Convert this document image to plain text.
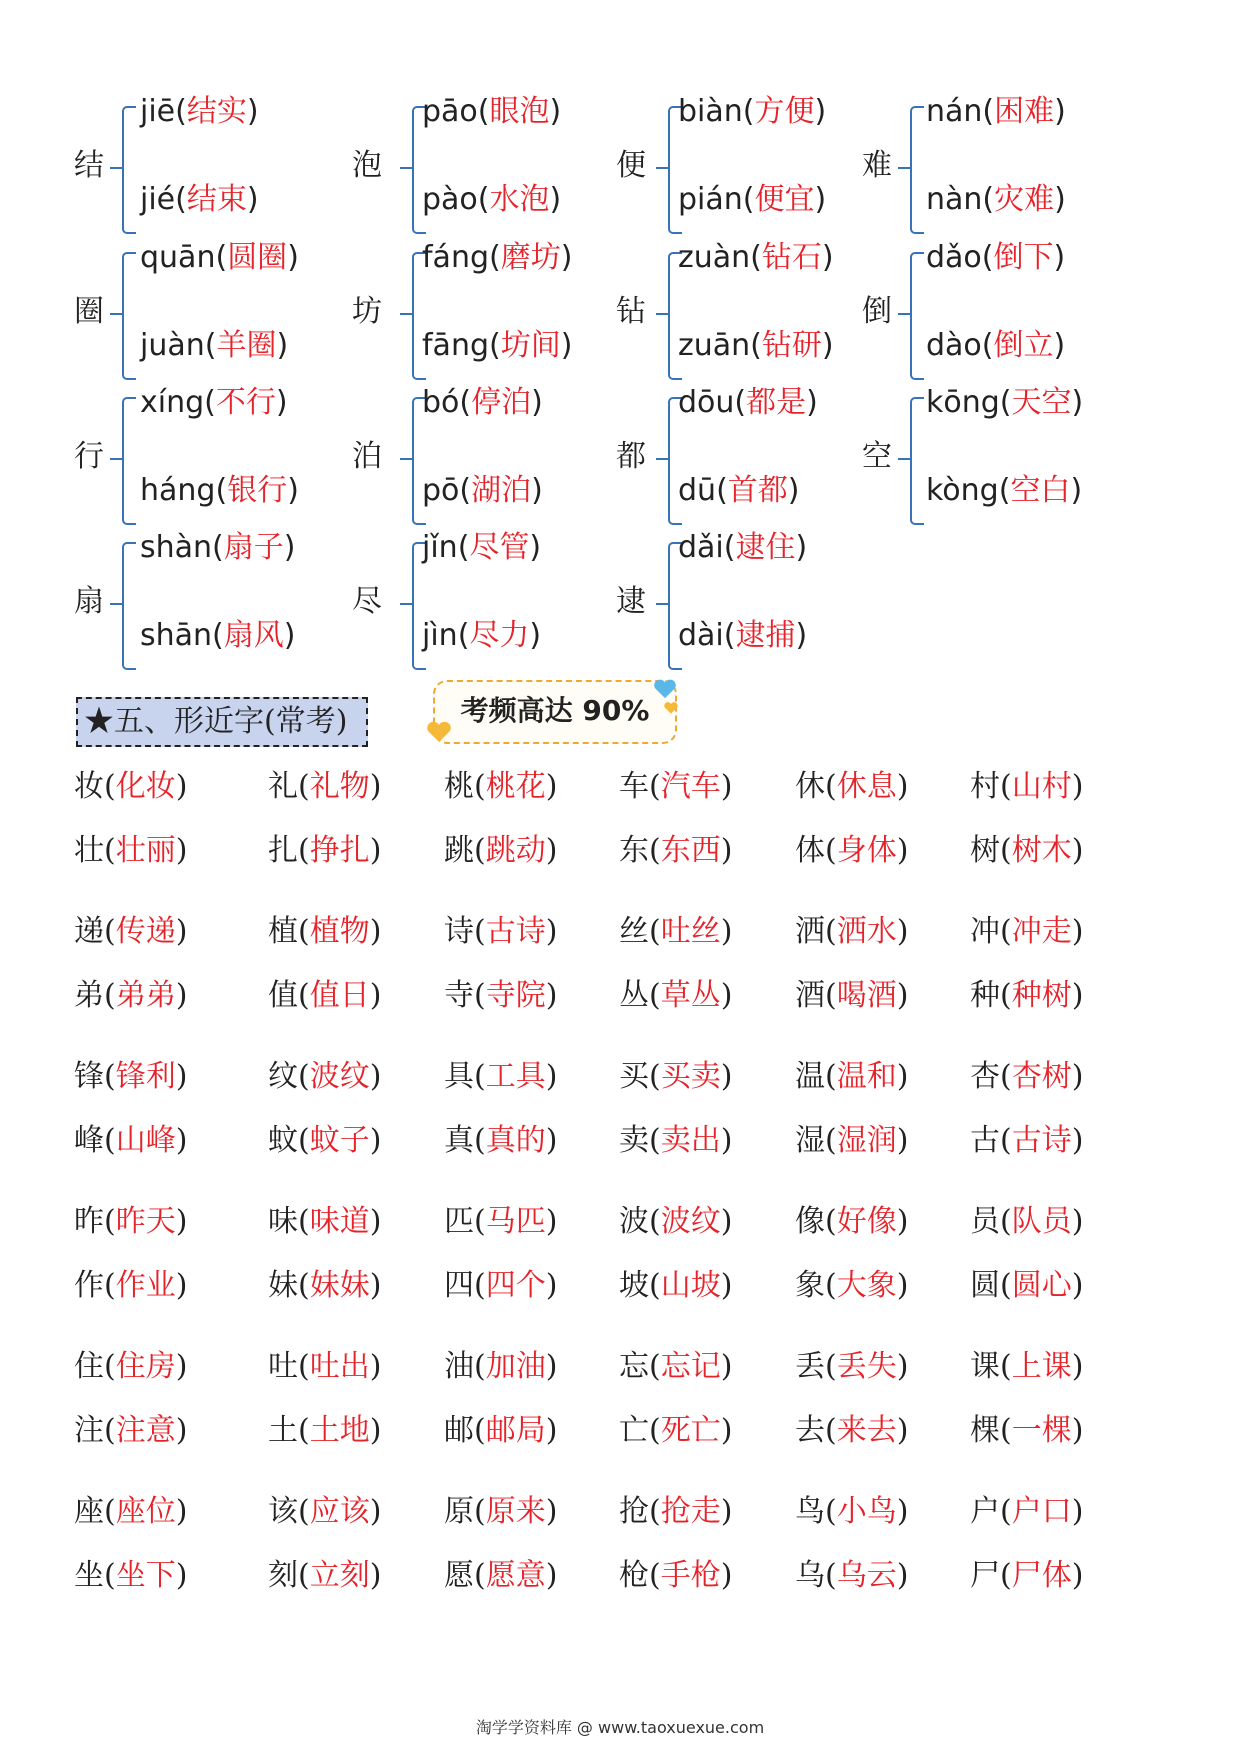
结
jiē(结实)
jié(结束)
泡
pāo(眼泡)
pào(水泡)
便
biàn(方便)
pián(便宜)
难
nán(困难)
nàn(灾难)
圈
quān(圆圈)
juàn(羊圈)
坊
fáng(磨坊)
fāng(坊间)
钻
zuàn(钻石)
zuān(钻研)
倒
dǎo(倒下)
dào(倒立)
行
xíng(不行)
háng(银行)
泊
bó(停泊)
pō(湖泊)
都
dōu(都是)
dū(首都)
空
kōng(天空)
kòng(空白)
扇
shàn(扇子)
shān(扇风)
尽
jǐn(尽管)
jìn(尽力)
逮
dǎi(逮住)
dài(逮捕)
★五、形近字(常考)	考频高达 90%
妆(化妆)
壮(壮丽)
礼(礼物)
扎(挣扎)
桃(桃花)
跳(跳动)
车(汽车)
东(东西)
休(休息)
体(身体)
村(山村)
树(树木)
递(传递)
弟(弟弟)
植(植物)
值(值日)
诗(古诗)
寺(寺院)
丝(吐丝)
丛(草丛)
洒(洒水)
酒(喝酒)
冲(冲走)
种(种树)
锋(锋利)
峰(山峰)
纹(波纹)
蚊(蚊子)
具(工具)
真(真的)
买(买卖)
卖(卖出)
温(温和)
湿(湿润)
杏(杏树)
古(古诗)
昨(昨天)
作(作业)
味(味道)
妹(妹妹)
匹(马匹)
四(四个)
波(波纹)
坡(山坡)
像(好像)
象(大象)
员(队员)
圆(圆心)
住(住房)
注(注意)
吐(吐出)
土(土地)
油(加油)
邮(邮局)
忘(忘记)
亡(死亡)
丢(丢失)
去(来去)
课(上课)
棵(一棵)
座(座位)
坐(坐下)
该(应该)
刻(立刻)
原(原来)
愿(愿意)
抢(抢走)
枪(手枪)
鸟(小鸟)
乌(乌云)
户(户口)
尸(尸体)
淘学学资料库 @ www.taoxuexue.com
